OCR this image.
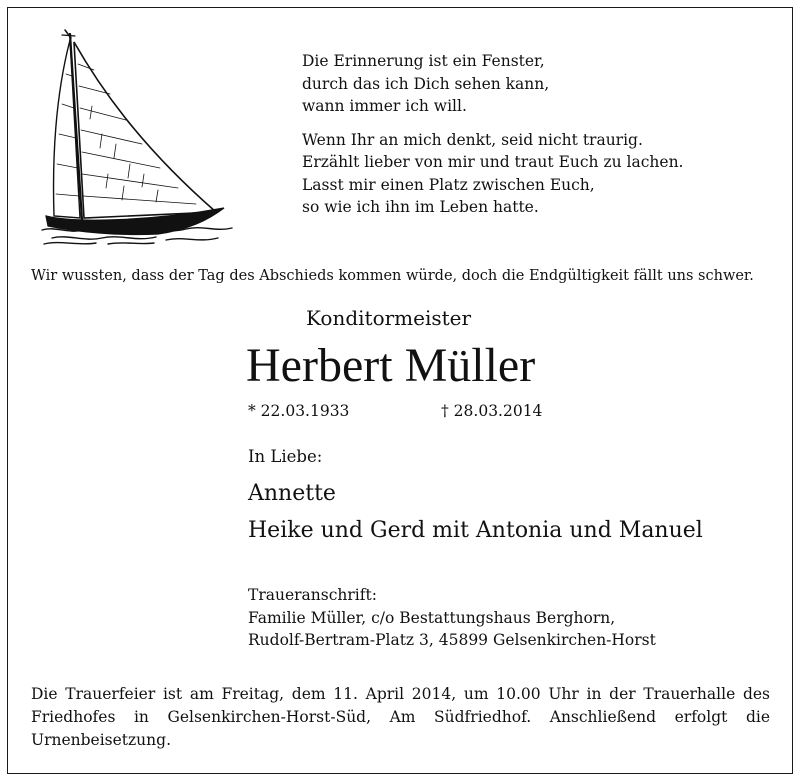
Die Erinnerung ist ein Fenster,
durch das ich Dich sehen kann,
wann immer ich will.
Wenn Ihr an mich denkt, seid nicht traurig.
Erzählt lieber von mir und traut Euch zu lachen.
Lasst mir einen Platz zwischen Euch,
so wie ich ihn im Leben hatte.
Wir wussten, dass der Tag des Abschieds kommen würde, doch die Endgültigkeit fällt uns schwer.
Konditormeister
Herbert Müller
* 22.03.1933	† 28.03.2014
In Liebe:
Annette
Heike und Gerd mit Antonia und Manuel
Traueranschrift:
Familie Müller, c/o Bestattungshaus Berghorn,
Rudolf-Bertram-Platz 3, 45899 Gelsenkirchen-Horst
Die Trauerfeier ist am Freitag, dem 11. April 2014, um 10.00 Uhr in der Trauerhalle des Friedhofes in Gelsenkirchen-Horst-Süd, Am Südfriedhof. Anschließend erfolgt die Urnenbeisetzung.
